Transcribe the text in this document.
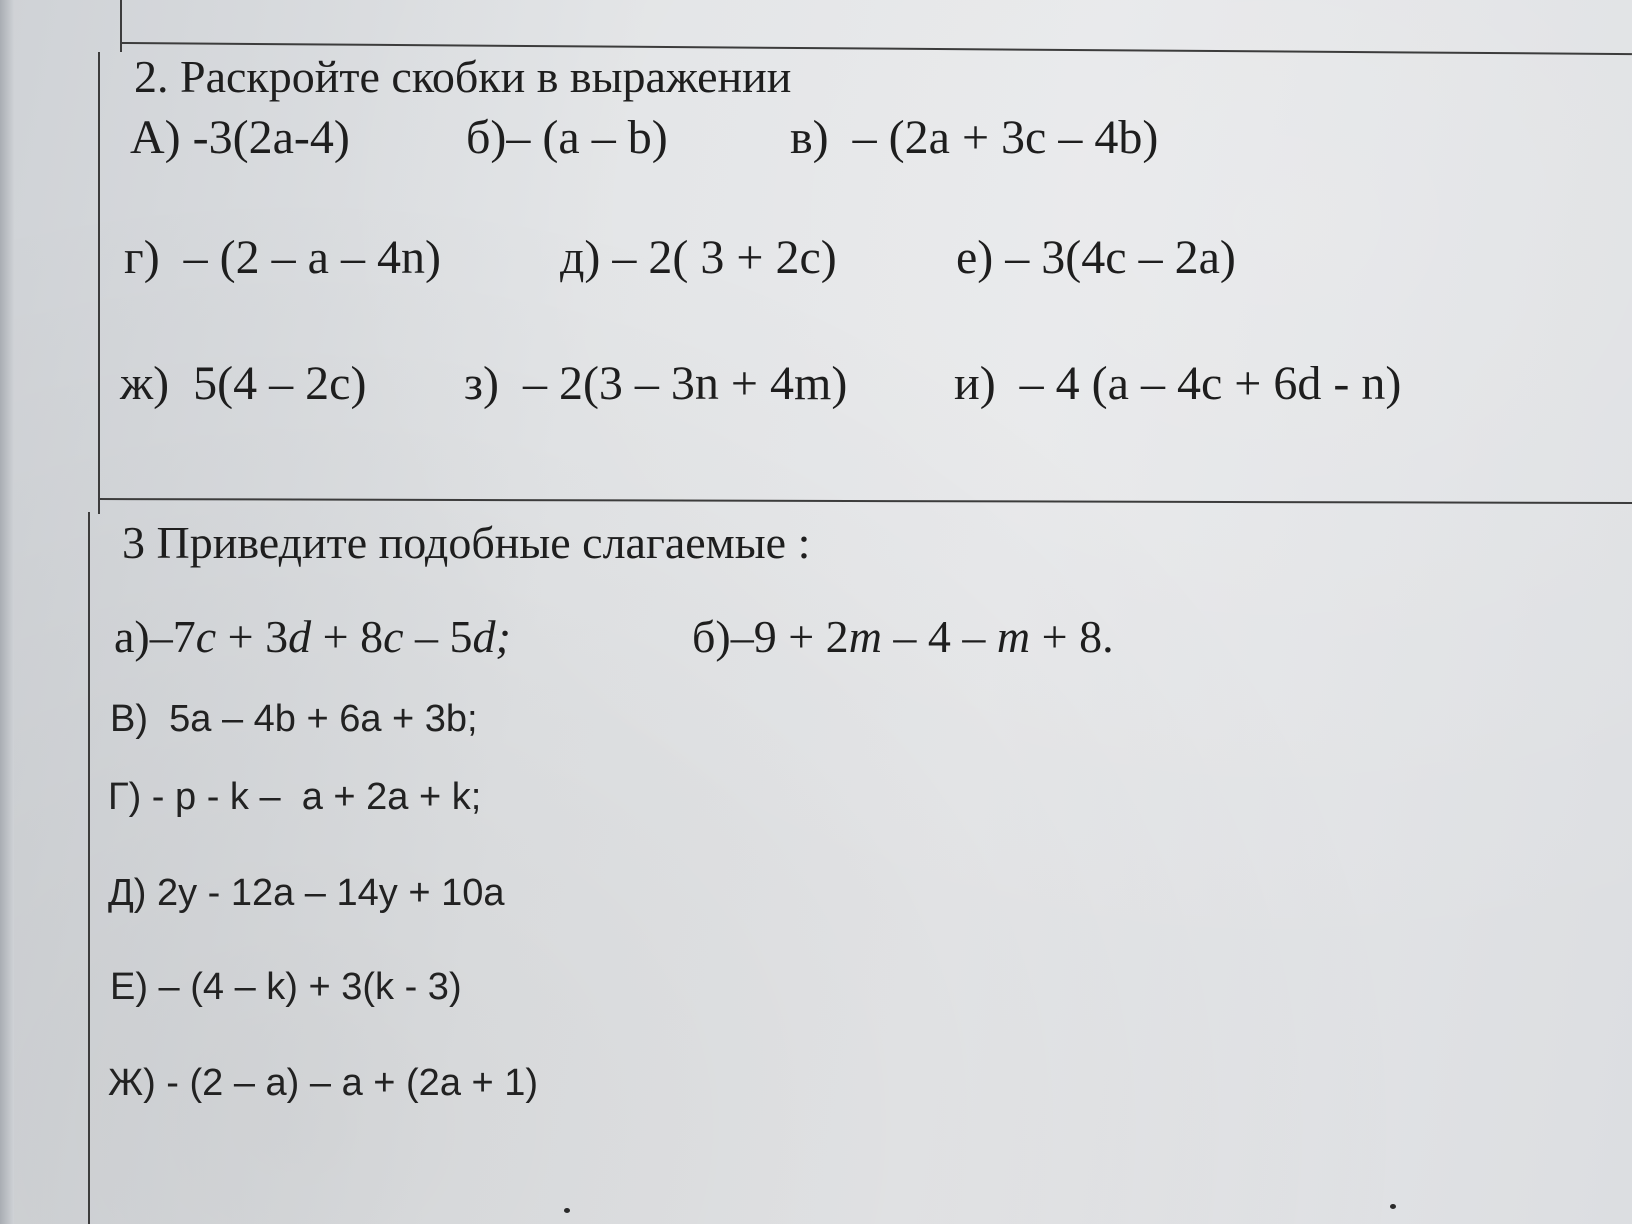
2. Раскройте скобки в выражении

А) -3(2а-4) б)– (а – b)	в)  – (2а + 3с – 4b)

г)  – (2 – а – 4n) д) – 2( 3 + 2с) е) – 3(4с – 2а)

ж)  5(4 – 2с) з)  – 2(3 – 3n + 4m) и)  – 4 (а – 4с + 6d - n)

3 Приведите подобные слагаемые :

а)–7c + 3d + 8c – 5d;	б)–9 + 2m – 4 – m + 8.

В)  5а – 4b + 6а + 3b;

Г) - р - k –  а + 2а + k;

Д) 2у - 12а – 14у + 10а

Е) – (4 – k) + 3(k - 3)

Ж) - (2 – а) – а + (2а + 1)
